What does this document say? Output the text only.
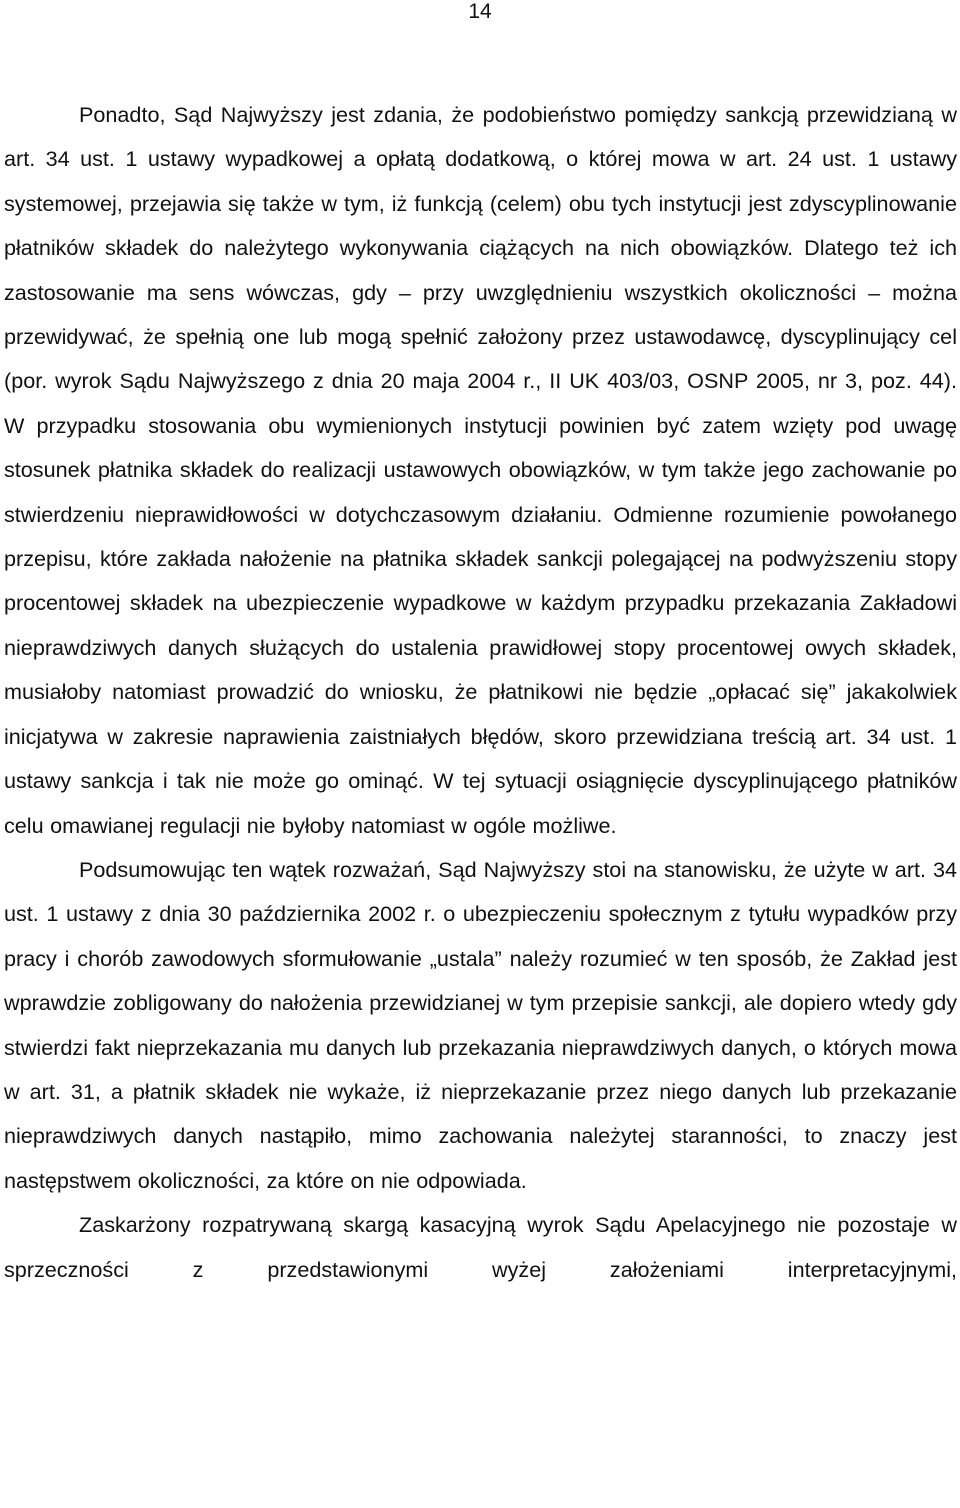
14

Ponadto, Sąd Najwyższy jest zdania, że podobieństwo pomiędzy sankcją przewidzianą w art. 34 ust. 1 ustawy wypadkowej a opłatą dodatkową, o której mowa w art. 24 ust. 1 ustawy systemowej, przejawia się także w tym, iż funkcją (celem) obu tych instytucji jest zdyscyplinowanie płatników składek do należytego wykonywania ciążących na nich obowiązków. Dlatego też ich zastosowanie ma sens wówczas, gdy – przy uwzględnieniu wszystkich okoliczności – można przewidywać, że spełnią one lub mogą spełnić założony przez ustawodawcę, dyscyplinujący cel (por. wyrok Sądu Najwyższego z dnia 20 maja 2004 r., II UK 403/03, OSNP 2005, nr 3, poz. 44). W przypadku stosowania obu wymienionych instytucji powinien być zatem wzięty pod uwagę stosunek płatnika składek do realizacji ustawowych obowiązków, w tym także jego zachowanie po stwierdzeniu nieprawidłowości w dotychczasowym działaniu. Odmienne rozumienie powołanego przepisu, które zakłada nałożenie na płatnika składek sankcji polegającej na podwyższeniu stopy procentowej składek na ubezpieczenie wypadkowe w każdym przypadku przekazania Zakładowi nieprawdziwych danych służących do ustalenia prawidłowej stopy procentowej owych składek, musiałoby natomiast prowadzić do wniosku, że płatnikowi nie będzie „opłacać się” jakakolwiek inicjatywa w zakresie naprawienia zaistniałych błędów, skoro przewidziana treścią art. 34 ust. 1 ustawy sankcja i tak nie może go ominąć. W tej sytuacji osiągnięcie dyscyplinującego płatników celu omawianej regulacji nie byłoby natomiast w ogóle możliwe.

Podsumowując ten wątek rozważań, Sąd Najwyższy stoi na stanowisku, że użyte w art. 34 ust. 1 ustawy z dnia 30 października 2002 r. o ubezpieczeniu społecznym z tytułu wypadków przy pracy i chorób zawodowych sformułowanie „ustala” należy rozumieć w ten sposób, że Zakład jest wprawdzie zobligowany do nałożenia przewidzianej w tym przepisie sankcji, ale dopiero wtedy gdy stwierdzi fakt nieprzekazania mu danych lub przekazania nieprawdziwych danych, o których mowa w art. 31, a płatnik składek nie wykaże, iż nieprzekazanie przez niego danych lub przekazanie nieprawdziwych danych nastąpiło, mimo zachowania należytej staranności, to znaczy jest następstwem okoliczności, za które on nie odpowiada.

Zaskarżony rozpatrywaną skargą kasacyjną wyrok Sądu Apelacyjnego nie pozostaje w sprzeczności z przedstawionymi wyżej założeniami interpretacyjnymi,
